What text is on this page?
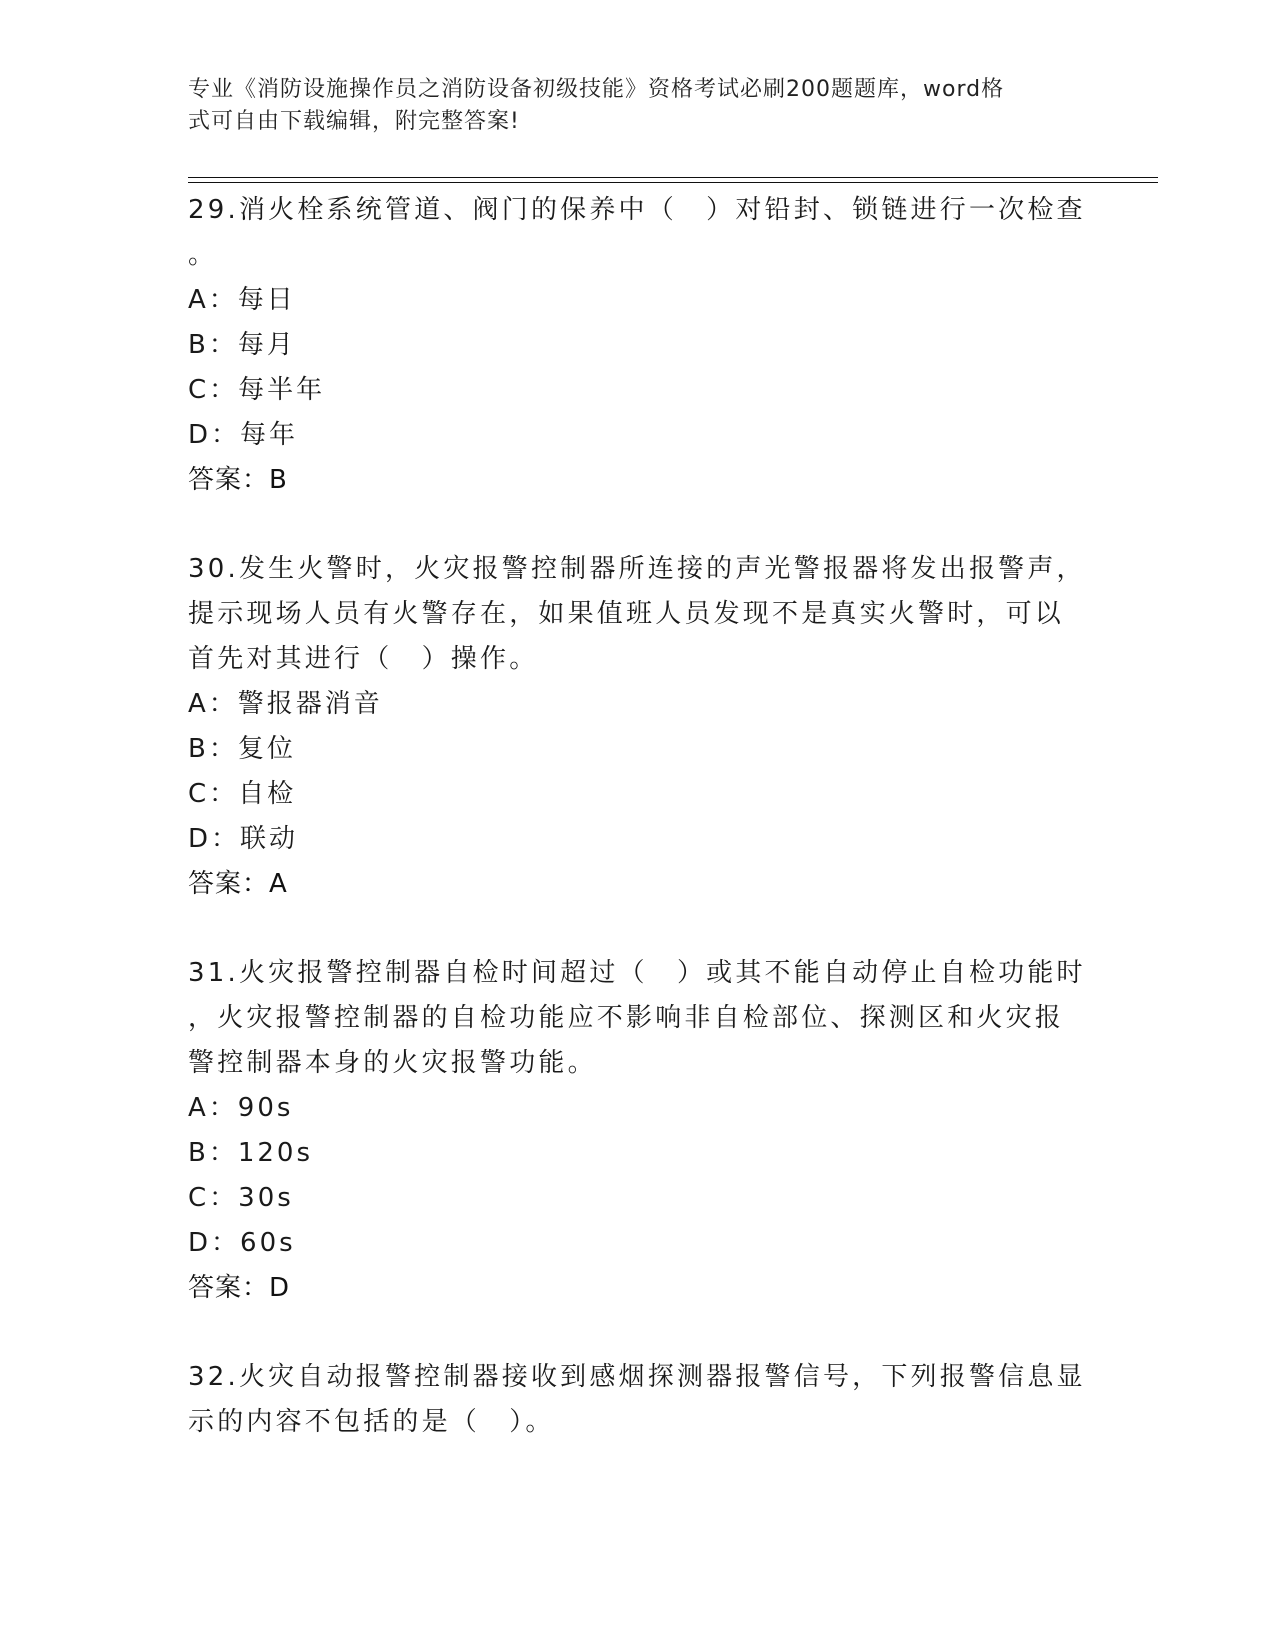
专业《消防设施操作员之消防设备初级技能》资格考试必刷200题题库，word格
式可自由下载编辑，附完整答案!
29.消火栓系统管道、阀门的保养中（　）对铅封、锁链进行一次检查
。
A：每日
B：每月
C：每半年
D：每年
答案：B
30.发生火警时，火灾报警控制器所连接的声光警报器将发出报警声，
提示现场人员有火警存在，如果值班人员发现不是真实火警时，可以
首先对其进行（　）操作。
A：警报器消音
B：复位
C：自检
D：联动
答案：A
31.火灾报警控制器自检时间超过（　）或其不能自动停止自检功能时
，火灾报警控制器的自检功能应不影响非自检部位、探测区和火灾报
警控制器本身的火灾报警功能。
A：90s
B：120s
C：30s
D：60s
答案：D
32.火灾自动报警控制器接收到感烟探测器报警信号，下列报警信息显
示的内容不包括的是（　）。
